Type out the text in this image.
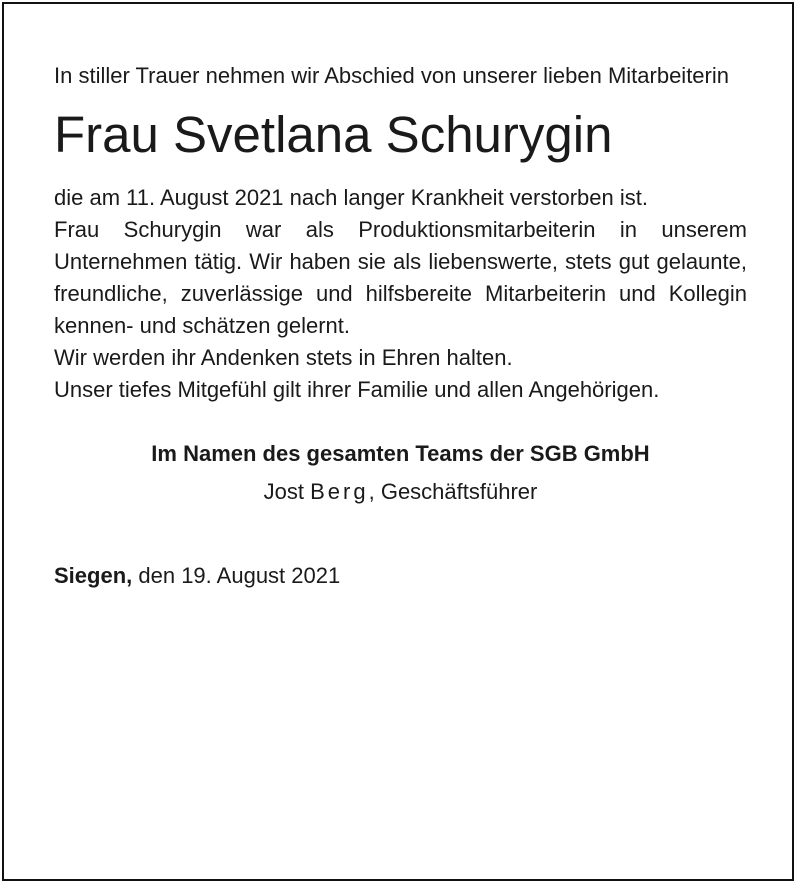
In stiller Trauer nehmen wir Abschied von unserer lieben Mitarbeiterin

Frau Svetlana Schurygin

die am 11. August 2021 nach langer Krankheit verstorben ist.

Frau Schurygin war als Produktionsmitarbeiterin in unserem Unternehmen tätig. Wir haben sie als liebenswerte, stets gut gelaunte, freundliche, zuverlässige und hilfsbereite Mitarbeiterin und Kollegin kennen- und schätzen gelernt.

Wir werden ihr Andenken stets in Ehren halten.

Unser tiefes Mitgefühl gilt ihrer Familie und allen Angehörigen.

Im Namen des gesamten Teams der SGB GmbH

Jost Berg, Geschäftsführer

Siegen, den 19. August 2021
